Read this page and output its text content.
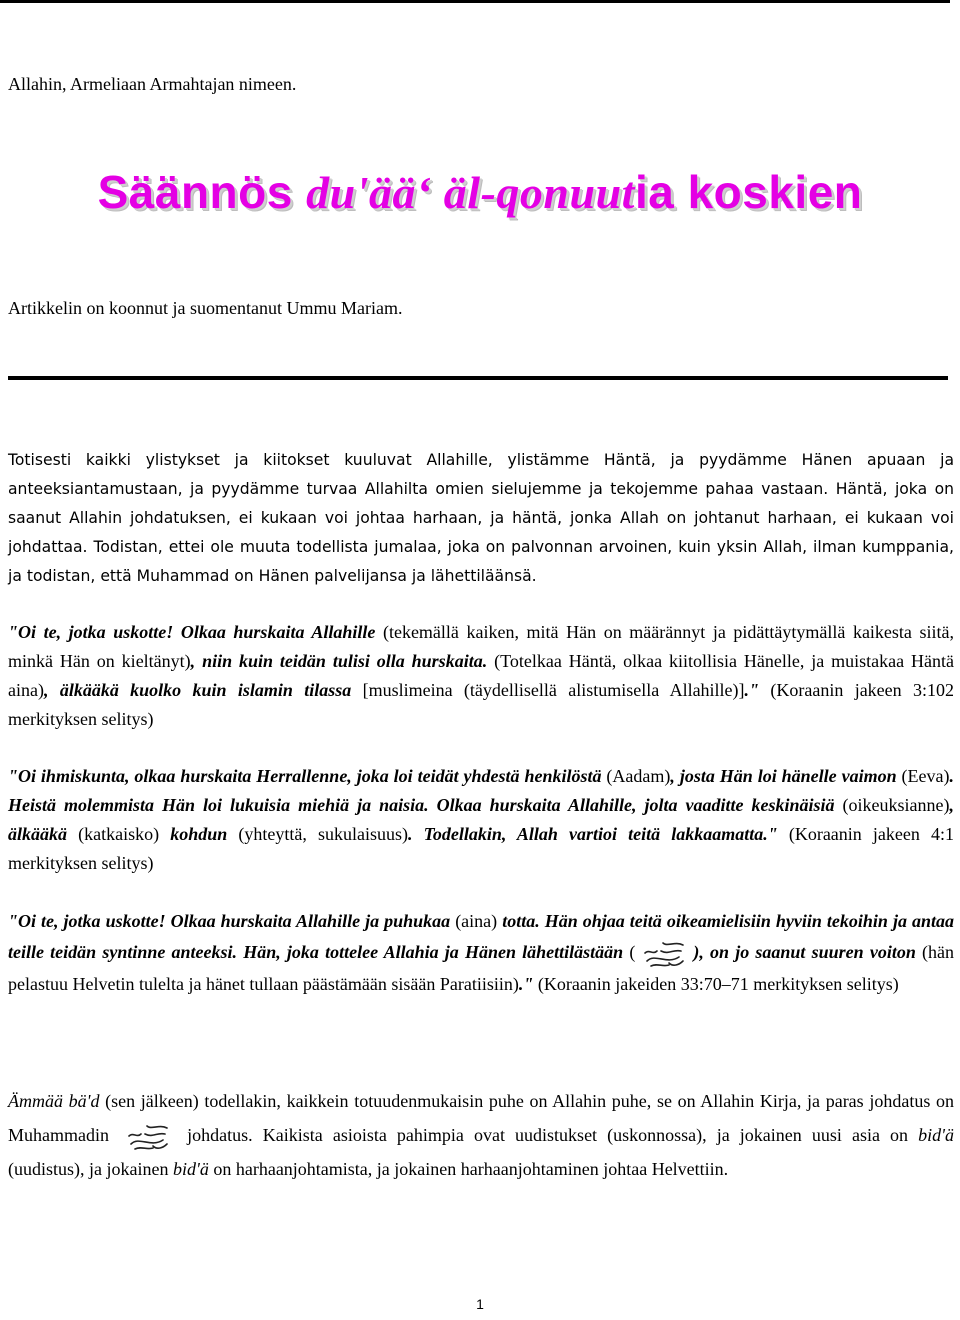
Allahin, Armeliaan Armahtajan nimeen.
Säännös du'ää‘ äl-qonuutia koskien
Artikkelin on koonnut ja suomentanut Ummu Mariam.
Totisesti kaikki ylistykset ja kiitokset kuuluvat Allahille, ylistämme Häntä, ja pyydämme Hänen apuaan ja anteeksiantamustaan, ja pyydämme turvaa Allahilta omien sielujemme ja tekojemme pahaa vastaan. Häntä, joka on saanut Allahin johdatuksen, ei kukaan voi johtaa harhaan, ja häntä, jonka Allah on johtanut harhaan, ei kukaan voi johdattaa. Todistan, ettei ole muuta todellista jumalaa, joka on palvonnan arvoinen, kuin yksin Allah, ilman kumppania, ja todistan, että Muhammad on Hänen palvelijansa ja lähettiläänsä.
"Oi te, jotka uskotte! Olkaa hurskaita Allahille (tekemällä kaiken, mitä Hän on määrännyt ja pidättäytymällä kaikesta siitä, minkä Hän on kieltänyt), niin kuin teidän tulisi olla hurskaita. (Totelkaa Häntä, olkaa kiitollisia Hänelle, ja muistakaa Häntä aina), älkääkä kuolko kuin islamin tilassa [muslimeina (täydellisellä alistumisella Allahille)]." (Koraanin jakeen 3:102 merkityksen selitys)
"Oi ihmiskunta, olkaa hurskaita Herrallenne, joka loi teidät yhdestä henkilöstä (Aadam), josta Hän loi hänelle vaimon (Eeva). Heistä molemmista Hän loi lukuisia miehiä ja naisia. Olkaa hurskaita Allahille, jolta vaaditte keskinäisiä (oikeuksianne), älkääkä (katkaisko) kohdun (yhteyttä, sukulaisuus). Todellakin, Allah vartioi teitä lakkaamatta." (Koraanin jakeen 4:1 merkityksen selitys)
"Oi te, jotka uskotte! Olkaa hurskaita Allahille ja puhukaa (aina) totta. Hän ohjaa teitä oikeamielisiin hyviin tekoihin ja antaa teille teidän syntinne anteeksi. Hän, joka tottelee Allahia ja Hänen lähettilästään (	), on jo saanut suuren voiton (hän pelastuu Helvetin tulelta ja hänet tullaan päästämään sisään Paratiisiin)." (Koraanin jakeiden 33:70–71 merkityksen selitys)
Ämmää bä'd (sen jälkeen) todellakin, kaikkein totuudenmukaisin puhe on Allahin puhe, se on Allahin Kirja, ja paras johdatus on Muhammadin	johdatus. Kaikista asioista pahimpia ovat uudistukset (uskonnossa), ja jokainen uusi asia on bid'ä (uudistus), ja jokainen bid'ä on harhaanjohtamista, ja jokainen harhaanjohtaminen johtaa Helvettiin.
1
